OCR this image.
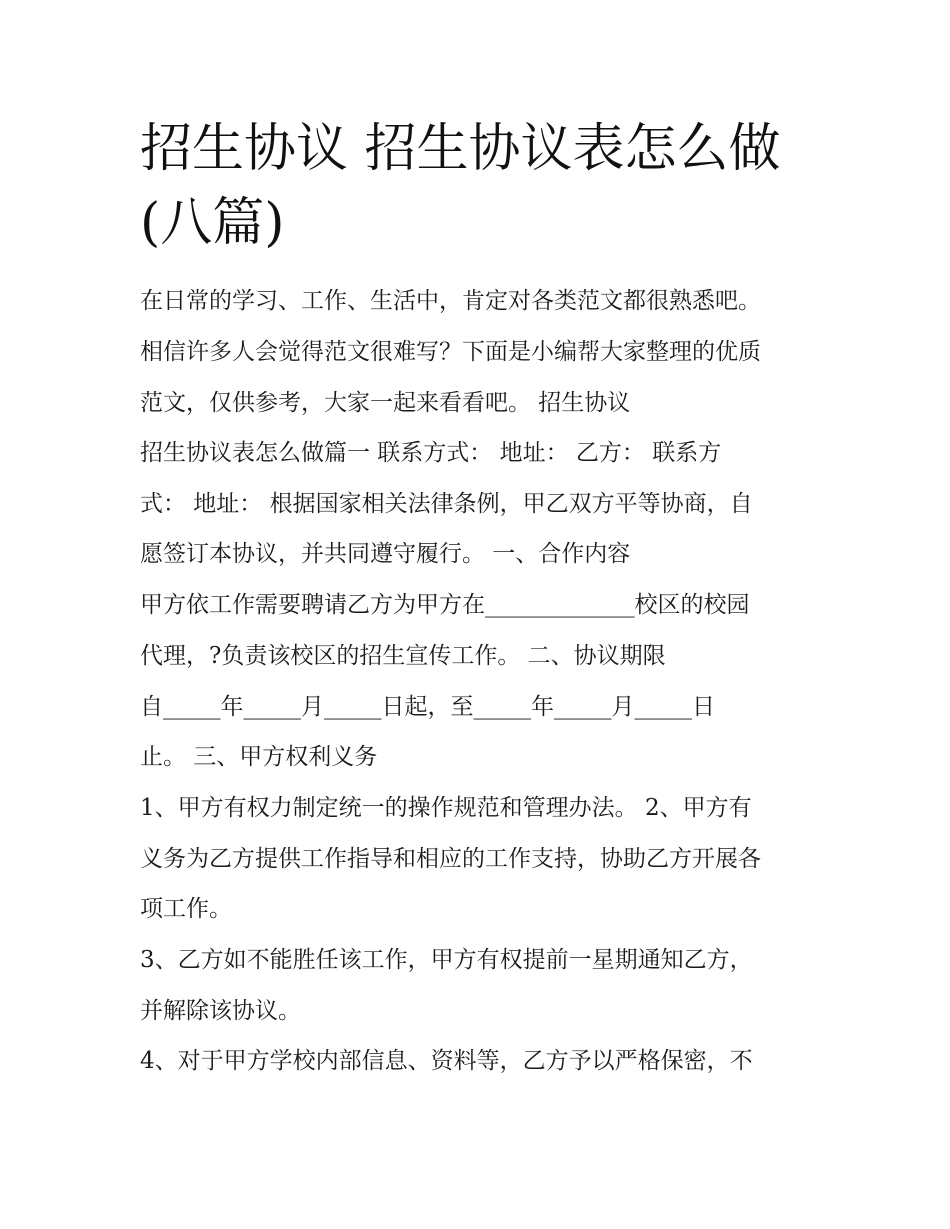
招生协议 招生协议表怎么做
(八篇)
在日常的学习、工作、生活中，肯定对各类范文都很熟悉吧。
相信许多人会觉得范文很难写？下面是小编帮大家整理的优质
范文，仅供参考，大家一起来看看吧。 招生协议
招生协议表怎么做篇一 联系方式： 地址： 乙方： 联系方
式： 地址： 根据国家相关法律条例，甲乙双方平等协商，自
愿签订本协议，并共同遵守履行。 一、合作内容
甲方依工作需要聘请乙方为甲方在_____________校区的校园
代理，?负责该校区的招生宣传工作。 二、协议期限
自_____年_____月_____日起，至_____年_____月_____日
止。 三、甲方权利义务
1、甲方有权力制定统一的操作规范和管理办法。 2、甲方有
义务为乙方提供工作指导和相应的工作支持，协助乙方开展各
项工作。
3、乙方如不能胜任该工作，甲方有权提前一星期通知乙方，
并解除该协议。
4、对于甲方学校内部信息、资料等，乙方予以严格保密，不
